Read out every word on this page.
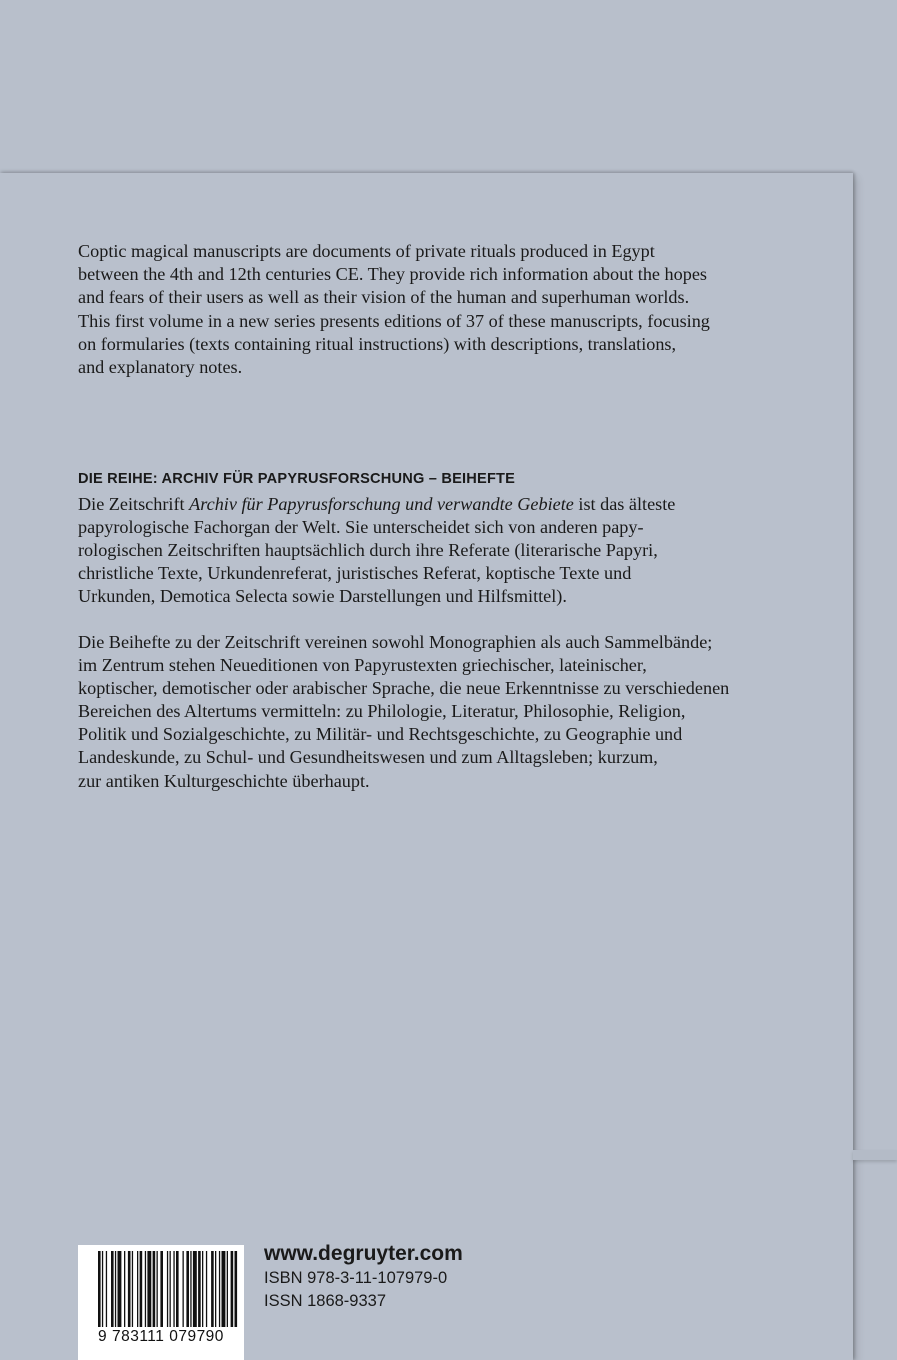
Coptic magical manuscripts are documents of private rituals produced in Egypt
between the 4th and 12th centuries CE. They provide rich information about the hopes
and fears of their users as well as their vision of the human and superhuman worlds.
This first volume in a new series presents editions of 37 of these manuscripts, focusing
on formularies (texts containing ritual instructions) with descriptions, translations,
and explanatory notes.

DIE REIHE: ARCHIV FÜR PAPYRUSFORSCHUNG – BEIHEFTE

Die Zeitschrift Archiv für Papyrusforschung und verwandte Gebiete ist das älteste
papyrologische Fachorgan der Welt. Sie unterscheidet sich von anderen papy-
rologischen Zeitschriften hauptsächlich durch ihre Referate (literarische Papyri,
christliche Texte, Urkundenreferat, juristisches Referat, koptische Texte und
Urkunden, Demotica Selecta sowie Darstellungen und Hilfsmittel).

Die Beihefte zu der Zeitschrift vereinen sowohl Monographien als auch Sammelbände;
im Zentrum stehen Neueditionen von Papyrustexten griechischer, lateinischer,
koptischer, demotischer oder arabischer Sprache, die neue Erkenntnisse zu verschiedenen
Bereichen des Altertums vermitteln: zu Philologie, Literatur, Philosophie, Religion,
Politik und Sozialgeschichte, zu Militär- und Rechtsgeschichte, zu Geographie und
Landeskunde, zu Schul- und Gesundheitswesen und zum Alltagsleben; kurzum,
zur antiken Kulturgeschichte überhaupt.

9 783111 079790
www.degruyter.com
ISBN 978-3-11-107979-0
ISSN 1868-9337
